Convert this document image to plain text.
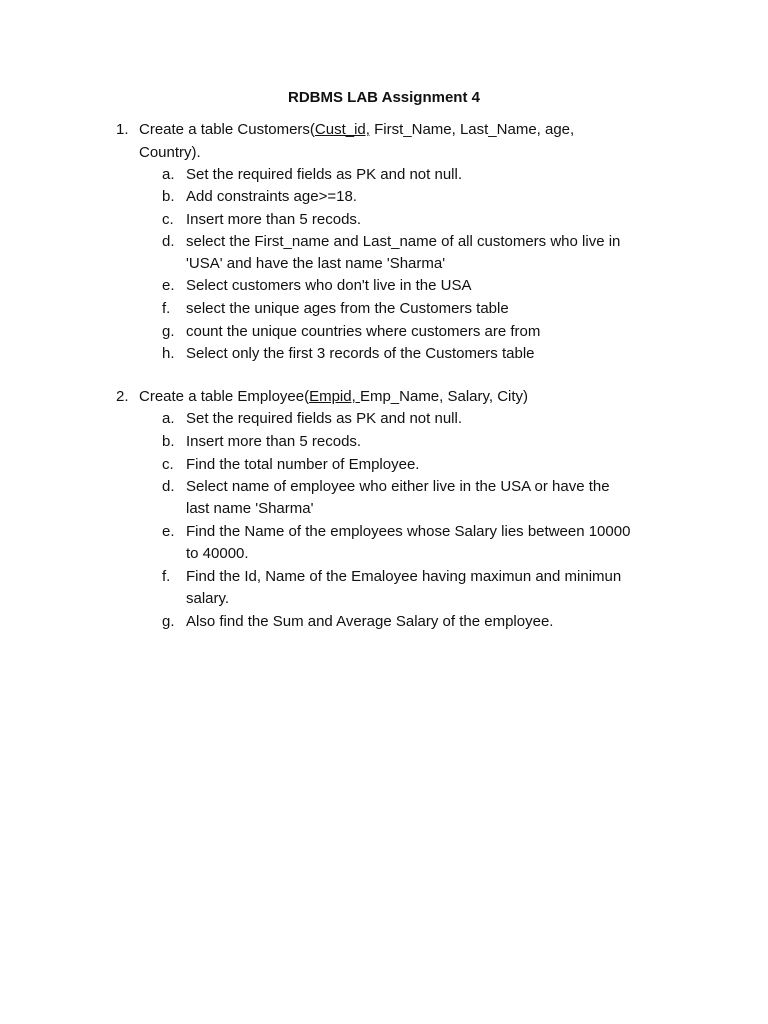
RDBMS LAB Assignment 4
1. Create a table Customers(Cust_id, First_Name, Last_Name, age,
Country).
a. Set the required fields as PK and not null.
b. Add constraints age>=18.
c. Insert more than 5 recods.
d. select the First_name and Last_name of all customers who live in
'USA' and have the last name 'Sharma'
e. Select customers who don't live in the USA
f. select the unique ages from the Customers table
g. count the unique countries where customers are from
h. Select only the first 3 records of the Customers table
2. Create a table Employee(Empid, Emp_Name, Salary, City)
a. Set the required fields as PK and not null.
b. Insert more than 5 recods.
c. Find the total number of Employee.
d. Select name of employee who either live in the USA or have the
last name 'Sharma'
e. Find the Name of the employees whose Salary lies between 10000
to 40000.
f. Find the Id, Name of the Emaloyee having maximun and minimun
salary.
g. Also find the Sum and Average Salary of the employee.
